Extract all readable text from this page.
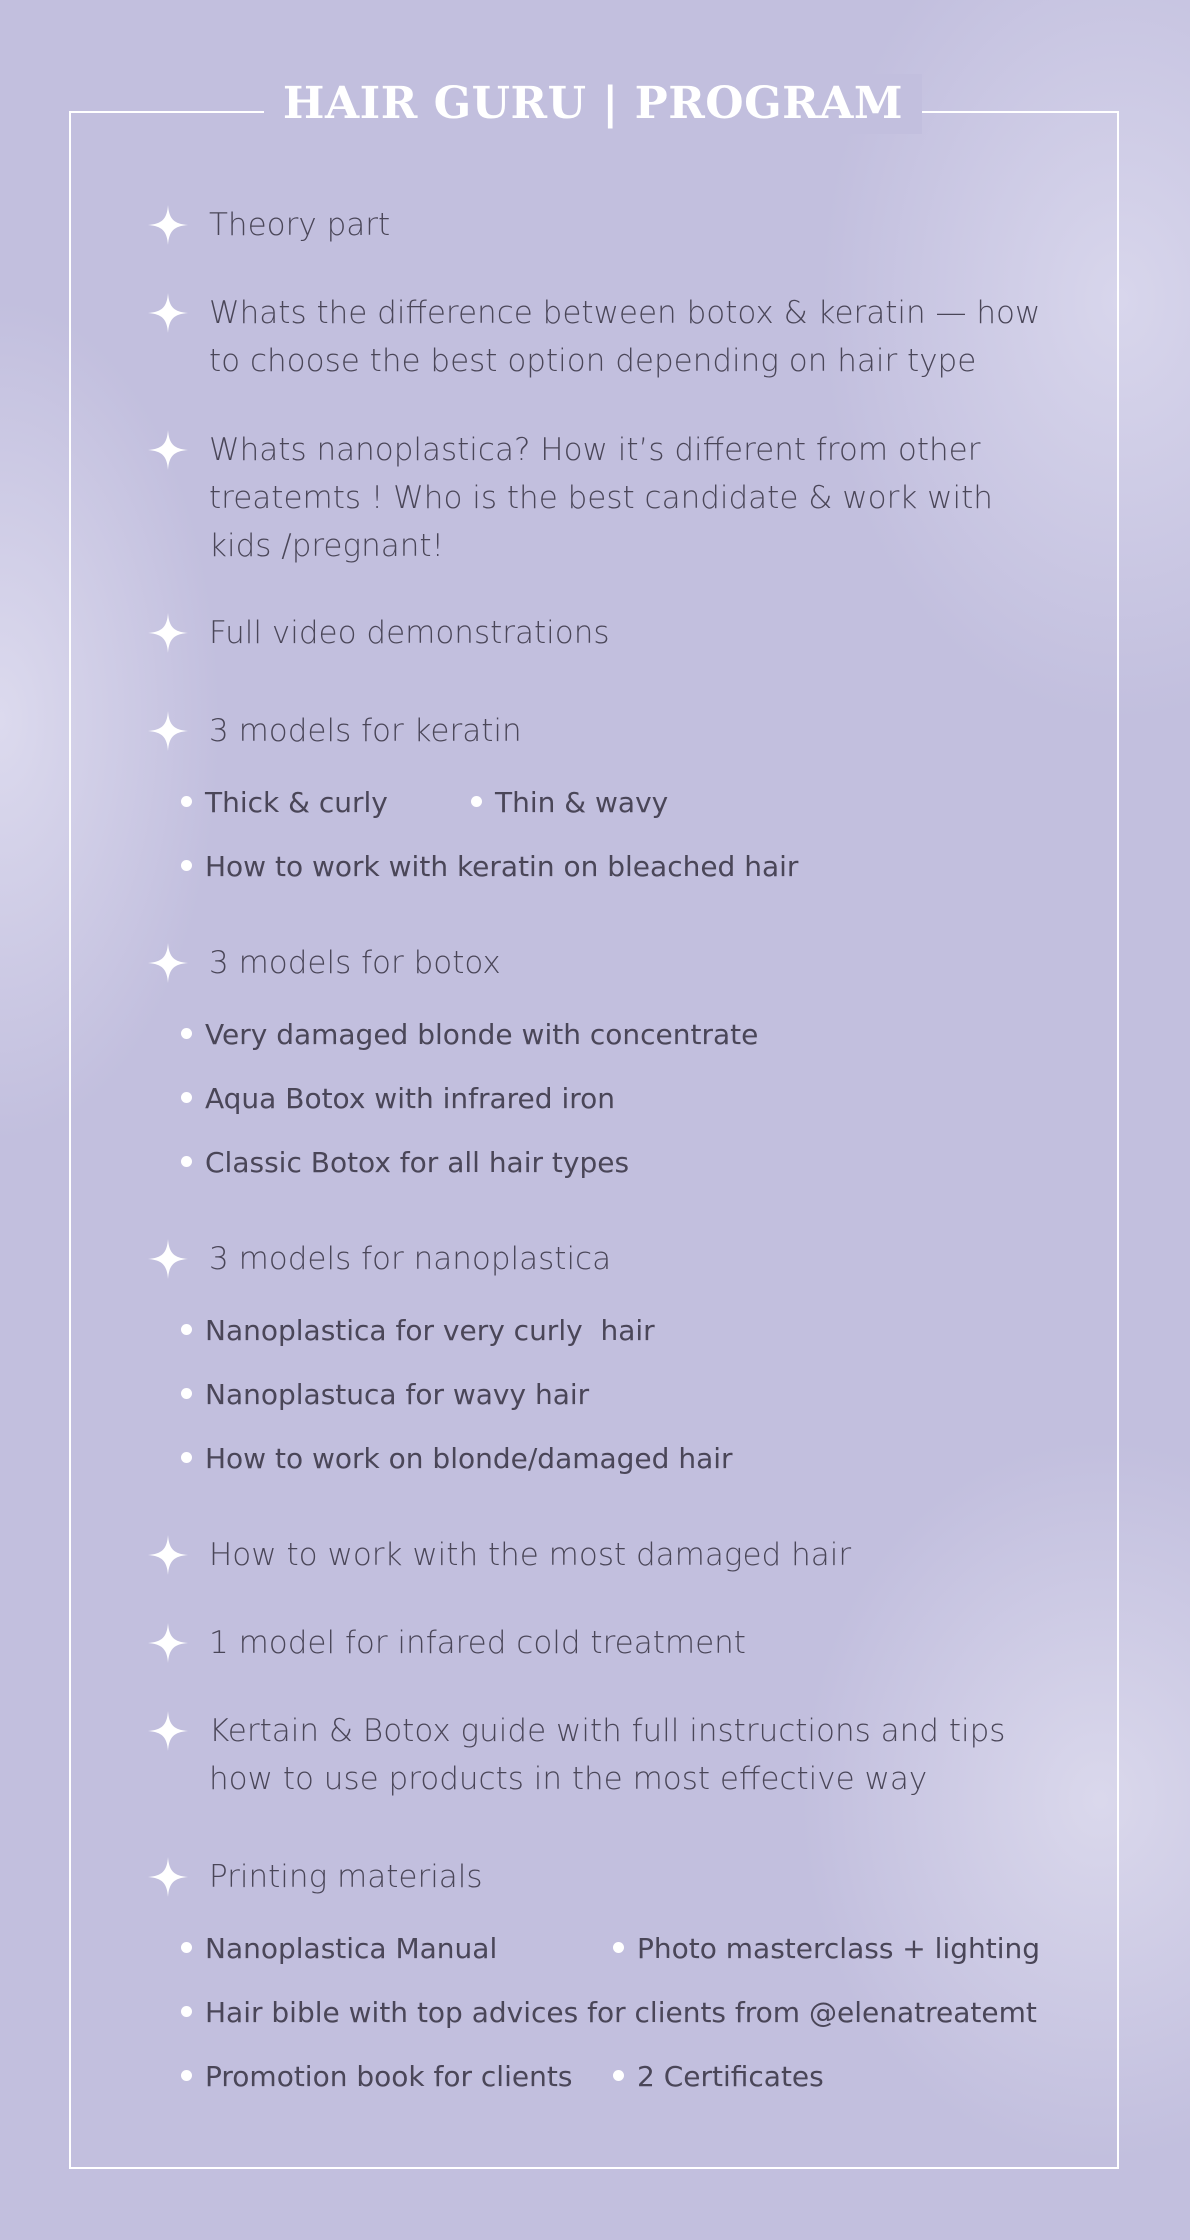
HAIR GURU | PROGRAM
Theory part
Whats the difference between botox & keratin — how
to choose the best option depending on hair type
Whats nanoplastica? How it’s different from other
treatemts ! Who is the best candidate & work with
kids /pregnant!
Full video demonstrations
3 models for keratin
Thick & curly	Thin & wavy
How to work with keratin on bleached hair
3 models for botox
Very damaged blonde with concentrate
Aqua Botox with infrared iron
Classic Botox for all hair types
3 models for nanoplastica
Nanoplastica for very curly  hair
Nanoplastuca for wavy hair
How to work on blonde/damaged hair
How to work with the most damaged hair
1 model for infared cold treatment
Kertain & Botox guide with full instructions and tips
how to use products in the most effective way
Printing materials
Nanoplastica Manual	Photo masterclass + lighting
Hair bible with top advices for clients from @elenatreatemt
Promotion book for clients	2 Certificates
